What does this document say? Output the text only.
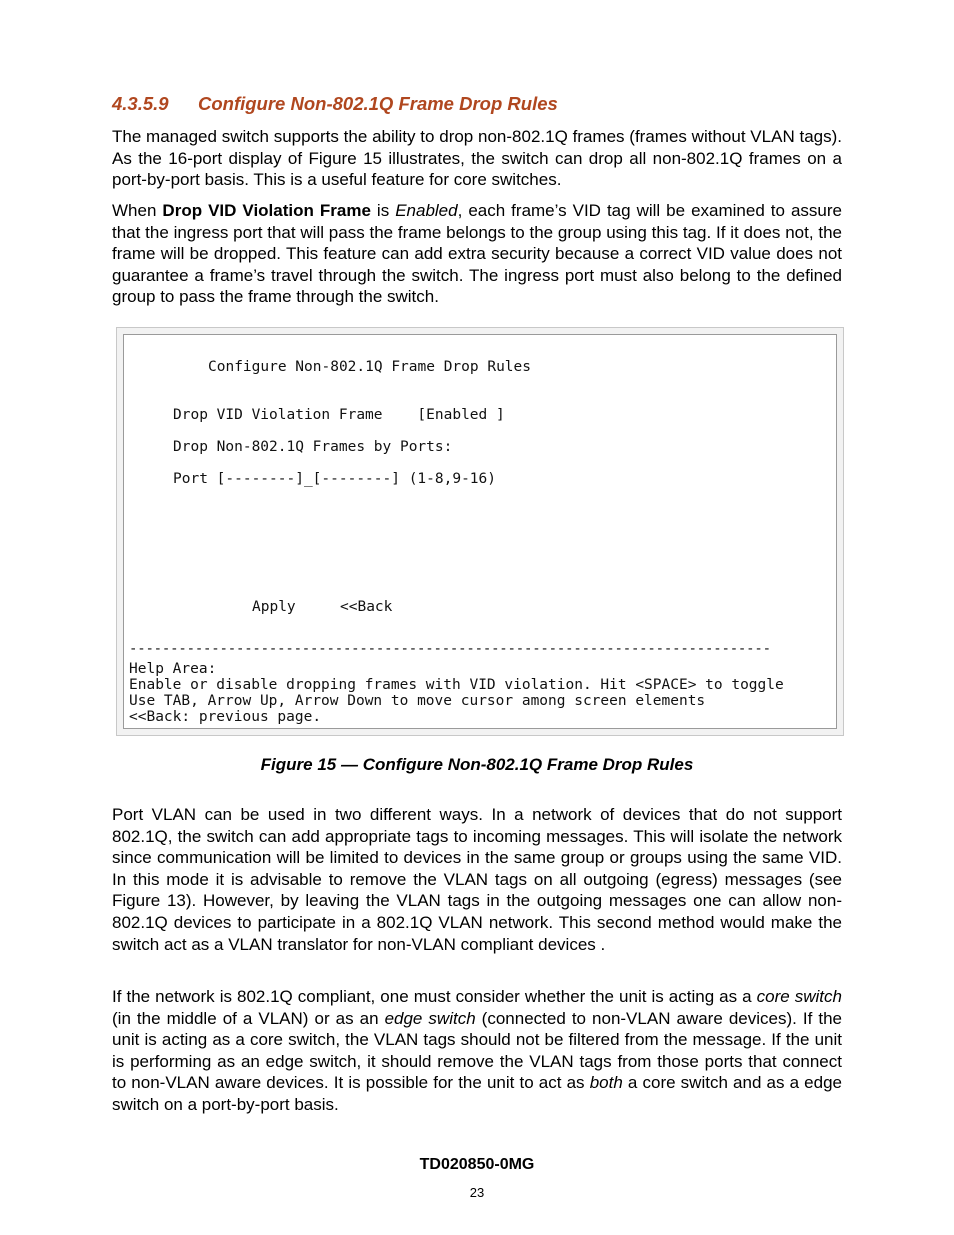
4.3.5.9 Configure Non-802.1Q Frame Drop Rules

The managed switch supports the ability to drop non-802.1Q frames (frames without VLAN tags). As the 16-port display of Figure 15 illustrates, the switch can drop all non-802.1Q frames on a port-by-port basis. This is a useful feature for core switches.

When Drop VID Violation Frame is Enabled, each frame’s VID tag will be examined to assure that the ingress port that will pass the frame belongs to the group using this tag. If it does not, the frame will be dropped. This feature can add extra security because a correct VID value does not guarantee a frame’s travel through the switch. The ingress port must also belong to the defined group to pass the frame through the switch.

Configure Non-802.1Q Frame Drop Rules
Drop VID Violation Frame    [Enabled ]
Drop Non-802.1Q Frames by Ports:
Port [--------]_[--------] (1-8,9-16)
Apply	<<Back
------------------------------------------------------------------------------
Help Area:
Enable or disable dropping frames with VID violation. Hit <SPACE> to toggle
Use TAB, Arrow Up, Arrow Down to move cursor among screen elements
<<Back: previous page.

Figure 15 — Configure Non-802.1Q Frame Drop Rules

Port VLAN can be used in two different ways. In a network of devices that do not support 802.1Q, the switch can add appropriate tags to incoming messages. This will isolate the network since communication will be limited to devices in the same group or groups using the same VID. In this mode it is advisable to remove the VLAN tags on all outgoing (egress) messages (see Figure 13). However, by leaving the VLAN tags in the outgoing messages one can allow non-802.1Q devices to participate in a 802.1Q VLAN network. This second method would make the switch act as a VLAN translator for non-VLAN compliant devices .

If the network is 802.1Q compliant, one must consider whether the unit is acting as a core switch (in the middle of a VLAN) or as an edge switch (connected to non-VLAN aware devices). If the unit is acting as a core switch, the VLAN tags should not be filtered from the message. If the unit is performing as an edge switch, it should remove the VLAN tags from those ports that connect to non-VLAN aware devices. It is possible for the unit to act as both a core switch and as a edge switch on a port-by-port basis.

TD020850-0MG

23
